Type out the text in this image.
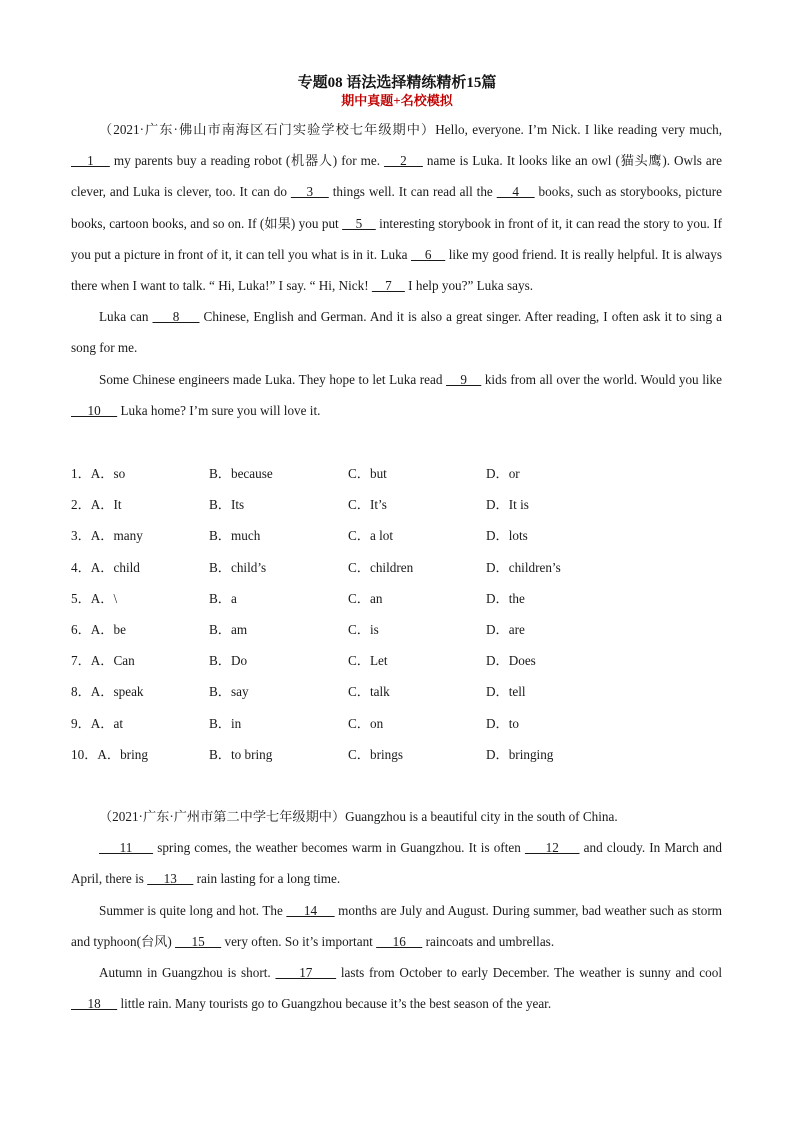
专题08 语法选择精练精析15篇
期中真题+名校模拟

（2021·广东·佛山市南海区石门实验学校七年级期中）Hello, everyone. I’m Nick. I like reading very much,     1     my parents buy a reading robot (机器人) for me.     2     name is Luka. It looks like an owl (猫头鹰). Owls are clever, and Luka is clever, too. It can do     3     things well. It can read all the     4     books, such as storybooks, picture books, cartoon books, and so on. If (如果) you put     5     interesting storybook in front of it, it can read the story to you. If you put a picture in front of it, it can tell you what is in it. Luka     6     like my good friend. It is really helpful. It is always there when I want to talk. “ Hi, Luka!” I say. “ Hi, Nick!     7     I help you?” Luka says.

Luka can      8      Chinese, English and German. And it is also a great singer. After reading, I often ask it to sing a song for me.

Some Chinese engineers made Luka. They hope to let Luka read     9     kids from all over the world. Would you like      10      Luka home? I’m sure you will love it.

1．A．so	B．because	C．but	D．or
2．A．It	B．Its	C．It’s	D．It is
3．A．many	B．much	C．a lot	D．lots
4．A．child	B．child’s	C．children	D．children’s
5．A．\	B．a	C．an	D．the
6．A．be	B．am	C．is	D．are
7．A．Can	B．Do	C．Let	D．Does
8．A．speak	B．say	C．talk	D．tell
9．A．at	B．in	C．on	D．to
10．A．bring	B．to bring	C．brings	D．bringing

（2021·广东·广州市第二中学七年级期中）Guangzhou is a beautiful city in the south of China.

11      spring comes, the weather becomes warm in Guangzhou. It is often      12      and cloudy. In March and April, there is      13      rain lasting for a long time.

Summer is quite long and hot. The      14      months are July and August. During summer, bad weather such as storm and typhoon(台风)      15      very often. So it’s important      16      raincoats and umbrellas.

Autumn in Guangzhou is short.      17      lasts from October to early December. The weather is sunny and cool      18      little rain. Many tourists go to Guangzhou because it’s the best season of the year.
